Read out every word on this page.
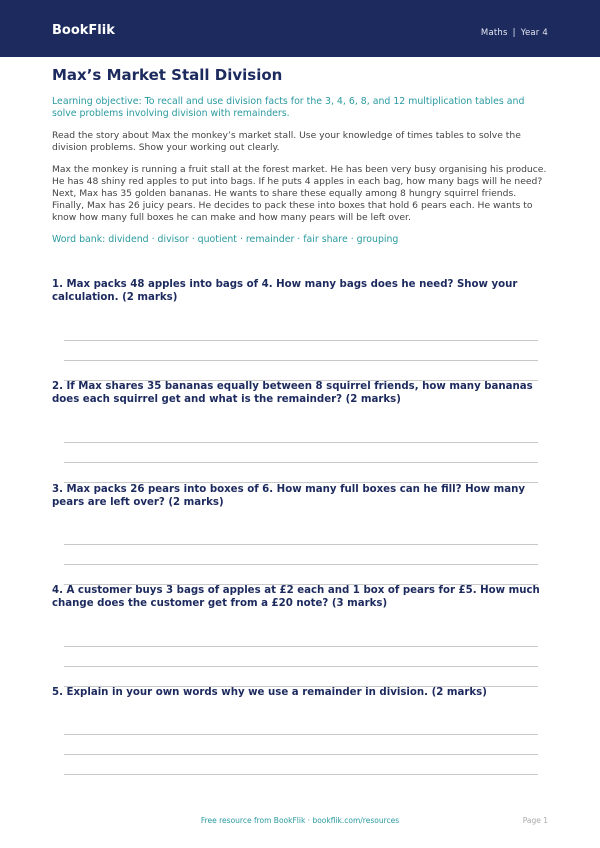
BookFlik	Maths | Year 4
Max’s Market Stall Division
Learning objective: To recall and use division facts for the 3, 4, 6, 8, and 12 multiplication tables and solve problems involving division with remainders.
Read the story about Max the monkey’s market stall. Use your knowledge of times tables to solve the division problems. Show your working out clearly.
Max the monkey is running a fruit stall at the forest market. He has been very busy organising his produce. He has 48 shiny red apples to put into bags. If he puts 4 apples in each bag, how many bags will he need? Next, Max has 35 golden bananas. He wants to share these equally among 8 hungry squirrel friends. Finally, Max has 26 juicy pears. He decides to pack these into boxes that hold 6 pears each. He wants to know how many full boxes he can make and how many pears will be left over.
Word bank: dividend · divisor · quotient · remainder · fair share · grouping
1. Max packs 48 apples into bags of 4. How many bags does he need? Show your calculation. (2 marks)
2. If Max shares 35 bananas equally between 8 squirrel friends, how many bananas does each squirrel get and what is the remainder? (2 marks)
3. Max packs 26 pears into boxes of 6. How many full boxes can he fill? How many pears are left over? (2 marks)
4. A customer buys 3 bags of apples at £2 each and 1 box of pears for £5. How much change does the customer get from a £20 note? (3 marks)
5. Explain in your own words why we use a remainder in division. (2 marks)
Free resource from BookFlik · bookflik.com/resources	Page 1
